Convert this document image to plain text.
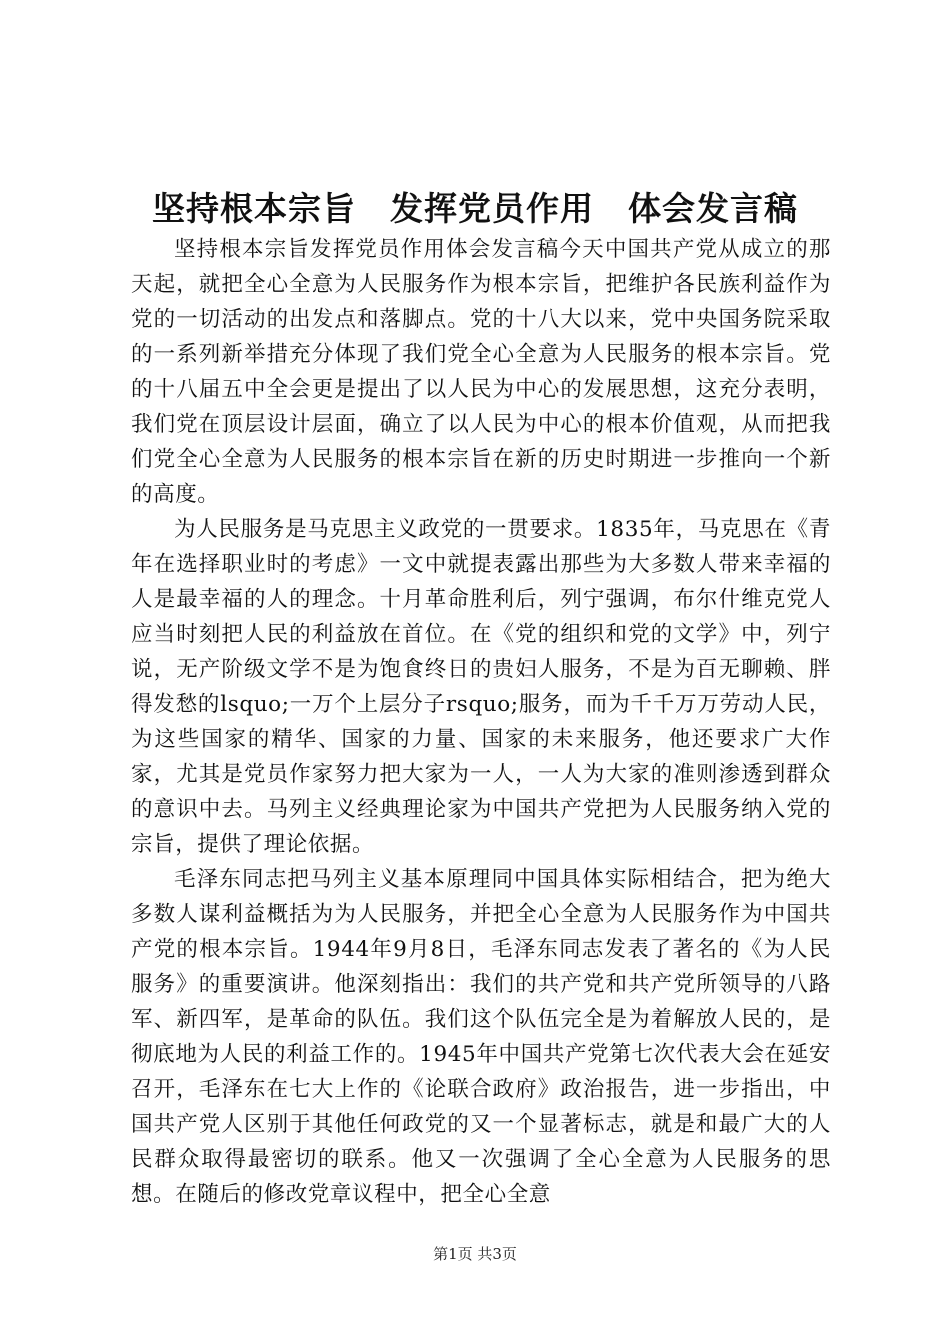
坚持根本宗旨　发挥党员作用　体会发言稿

坚持根本宗旨发挥党员作用体会发言稿今天中国共产党从成立的那天起，就把全心全意为人民服务作为根本宗旨，把维护各民族利益作为党的一切活动的出发点和落脚点。党的十八大以来，党中央国务院采取的一系列新举措充分体现了我们党全心全意为人民服务的根本宗旨。党的十八届五中全会更是提出了以人民为中心的发展思想，这充分表明，我们党在顶层设计层面，确立了以人民为中心的根本价值观，从而把我们党全心全意为人民服务的根本宗旨在新的历史时期进一步推向一个新的高度。

为人民服务是马克思主义政党的一贯要求。1835年，马克思在《青年在选择职业时的考虑》一文中就提表露出那些为大多数人带来幸福的人是最幸福的人的理念。十月革命胜利后，列宁强调，布尔什维克党人应当时刻把人民的利益放在首位。在《党的组织和党的文学》中，列宁说，无产阶级文学不是为饱食终日的贵妇人服务，不是为百无聊赖、胖得发愁的lsquo;一万个上层分子rsquo;服务，而为千千万万劳动人民，为这些国家的精华、国家的力量、国家的未来服务，他还要求广大作家，尤其是党员作家努力把大家为一人，一人为大家的准则渗透到群众的意识中去。马列主义经典理论家为中国共产党把为人民服务纳入党的宗旨，提供了理论依据。

毛泽东同志把马列主义基本原理同中国具体实际相结合，把为绝大多数人谋利益概括为为人民服务，并把全心全意为人民服务作为中国共产党的根本宗旨。1944年9月8日，毛泽东同志发表了著名的《为人民服务》的重要演讲。他深刻指出：我们的共产党和共产党所领导的八路军、新四军，是革命的队伍。我们这个队伍完全是为着解放人民的，是彻底地为人民的利益工作的。1945年中国共产党第七次代表大会在延安召开，毛泽东在七大上作的《论联合政府》政治报告，进一步指出，中国共产党人区别于其他任何政党的又一个显著标志，就是和最广大的人民群众取得最密切的联系。他又一次强调了全心全意为人民服务的思想。在随后的修改党章议程中，把全心全意

第1页 共3页
